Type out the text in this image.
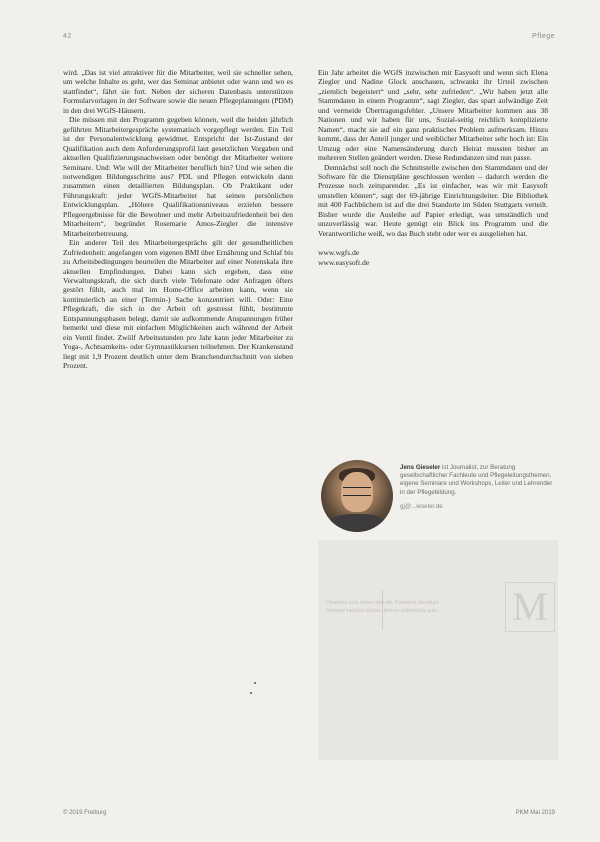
42	Pflege

wird. „Das ist viel attraktiver für die Mitarbeiter, weil sie schneller sehen, um welche Inhalte es geht, wer das Seminar anbietet oder wann und wo es stattfindet“, fährt sie fort. Neben der sicheren Datenbasis unterstützen Formularvorlagen in der Software sowie die neuen Pflegeplanungen (PDM) in den drei WGfS-Häusern.

Die müssen mit den Programm gegeben können, weil die beiden jährlich geführten Mitarbeitergespräche systematisch vorgepflegt werden. Ein Teil ist der Personalentwicklung gewidmet. Entspricht der Ist-Zustand der Qualifikation auch dem Anforderungsprofil laut gesetzlichen Vorgaben und aktuellen Qualifizierungsnachweisen oder benötigt der Mitarbeiter weitere Seminare. Und: Wie will der Mitarbeiter beruflich hin? Und wie sehen die notwendigen Bildungsschritte aus? PDL und Pflegen entwickeln dann zusammen einen detaillierten Bildungsplan. Ob Praktikant oder Führungskraft: jeder WGfS-Mitarbeiter hat seinen persönlichen Entwicklungsplan. „Höhere Qualifikationsniveaus erzielen bessere Pflegeergebnisse für die Bewohner und mehr Arbeitszufriedenheit bei den Mitarbeitern“, begründet Rosemarie Amos-Ziegler die intensive Mitarbeiterbetreuung.

Ein anderer Teil des Mitarbeitergesprächs gilt der gesundheitlichen Zufriedenheit: angefangen vom eigenen BMI über Ernährung und Schlaf bis zu Arbeitsbedingungen beurteilen die Mitarbeiter auf einer Notenskala ihre aktuellen Empfindungen. Dabei kann sich ergeben, dass eine Verwaltungskraft, die sich durch viele Telefonate oder Anfragen öfters gestört fühlt, auch mal im Home-Office arbeiten kann, wenn sie kontinuierlich an einer (Termin-) Sache konzentriert will. Oder: Eine Pflegekraft, die sich in der Arbeit oft gestresst fühlt, bestimmte Entspannungsphasen belegt, damit sie aufkommende Anspannungen früher bemerkt und diese mit einfachen Möglichkeiten auch während der Arbeit ein Ventil findet. Zwölf Arbeitsstunden pro Jahr kann jeder Mitarbeiter zu Yoga-, Achtsamkeits- oder Gymnastikkursen teilnehmen. Der Krankenstand liegt mit 1,9 Prozent deutlich unter dem Branchendurchschnitt von sieben Prozent.

Ein Jahr arbeitet die WGfS inzwischen mit Easysoft und wenn sich Elena Ziegler und Nadine Glock anschauen, schwankt ihr Urteil zwischen „ziemlich begeistert“ und „sehr, sehr zufrieden“. „Wir haben jetzt alle Stammdaten in einem Programm“, sagt Ziegler, das spart aufwändige Zeit und vermeide Übertragungsfehler. „Unsere Mitarbeiter kommen aus 38 Nationen und wir haben für uns, Sozial-seitig reichlich komplizierte Namen“, macht sie auf ein ganz praktisches Problem aufmerksam. Hinzu kommt, dass der Anteil junger und weiblicher Mitarbeiter sehr hoch ist: Ein Umzug oder eine Namensänderung durch Heirat mussten bisher an mehreren Stellen geändert werden. Diese Redundanzen sind nun passe.

Demnächst soll noch die Schnittstelle zwischen den Stammdaten und der Software für die Dienstpläne geschlossen werden – dadurch werden die Prozesse noch zeitsparender. „Es ist einfacher, was wir mit Easysoft umstellen können“, sagt der 69-jährige Einrichtungsleiter. Die Bibliothek mit 400 Fachbüchern ist auf die drei Standorte im Süden Stuttgarts verteilt. Bisher wurde die Ausleihe auf Papier erledigt, was umständlich und unzuverlässig war. Heute genügt ein Blick ins Programm und die Verantwortliche weiß, wo das Buch steht oder wer es ausgeliehen hat.

www.wgfs.de
www.easysoft.de
Jens Gieseler ist Journalist, zur Beratung gesellschaftlicher Fachleute und Pflegeleitungsthemen, eigene Seminare und Workshops, Leiter und Lehrender in der Pflegebildung.
gj@...ieseler.de
M
Vivamus quis lorem blandit. Praesent tincidunt tristique facilisis luctus ultrices adipiscing quis.
© 2019 Freiburg	PKM Mai 2019
